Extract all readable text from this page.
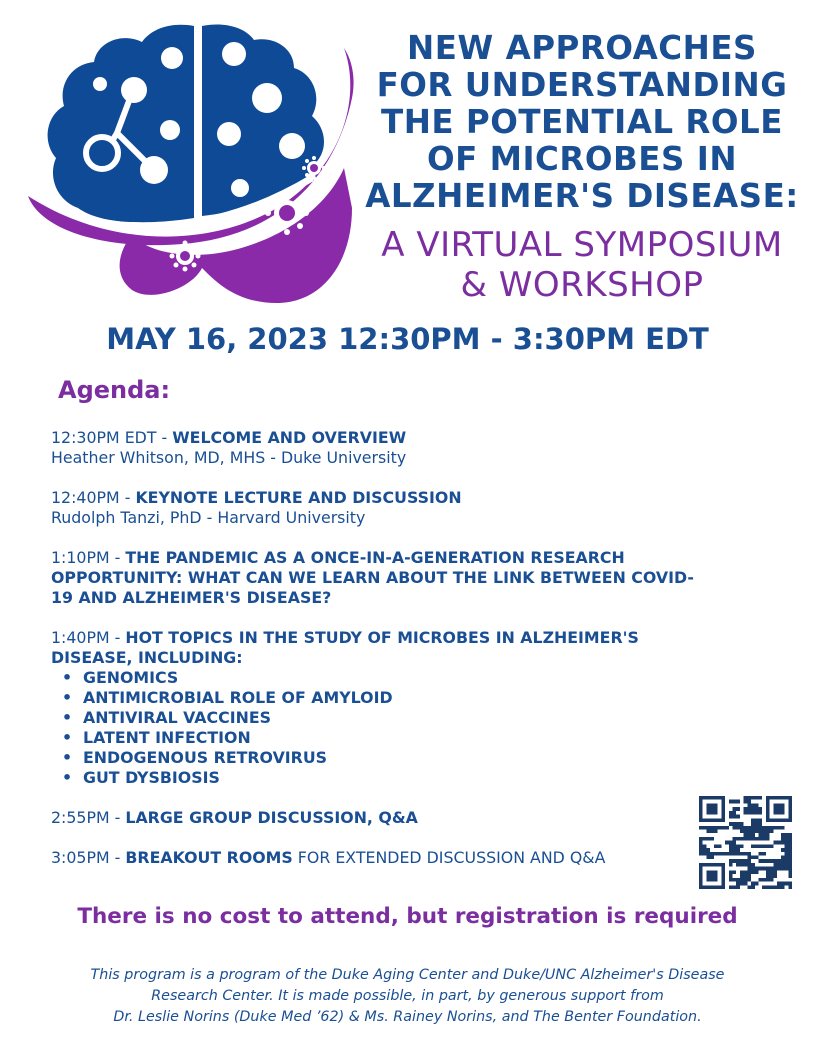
NEW APPROACHES
FOR UNDERSTANDING
THE POTENTIAL ROLE
OF MICROBES IN
ALZHEIMER'S DISEASE:
A VIRTUAL SYMPOSIUM
& WORKSHOP
MAY 16, 2023 12:30PM - 3:30PM EDT
Agenda:
12:30PM EDT - WELCOME AND OVERVIEW
Heather Whitson, MD, MHS - Duke University
12:40PM - KEYNOTE LECTURE AND DISCUSSION
Rudolph Tanzi, PhD - Harvard University
1:10PM - THE PANDEMIC AS A ONCE-IN-A-GENERATION RESEARCH OPPORTUNITY: WHAT CAN WE LEARN ABOUT THE LINK BETWEEN COVID-19 AND ALZHEIMER'S DISEASE?
1:40PM - HOT TOPICS IN THE STUDY OF MICROBES IN ALZHEIMER'S DISEASE, INCLUDING:
• GENOMICS
• ANTIMICROBIAL ROLE OF AMYLOID
• ANTIVIRAL VACCINES
• LATENT INFECTION
• ENDOGENOUS RETROVIRUS
• GUT DYSBIOSIS
2:55PM - LARGE GROUP DISCUSSION, Q&A
3:05PM - BREAKOUT ROOMS FOR EXTENDED DISCUSSION AND Q&A
There is no cost to attend, but registration is required
This program is a program of the Duke Aging Center and Duke/UNC Alzheimer's Disease
Research Center. It is made possible, in part, by generous support from
Dr. Leslie Norins (Duke Med ’62) & Ms. Rainey Norins, and The Benter Foundation.
